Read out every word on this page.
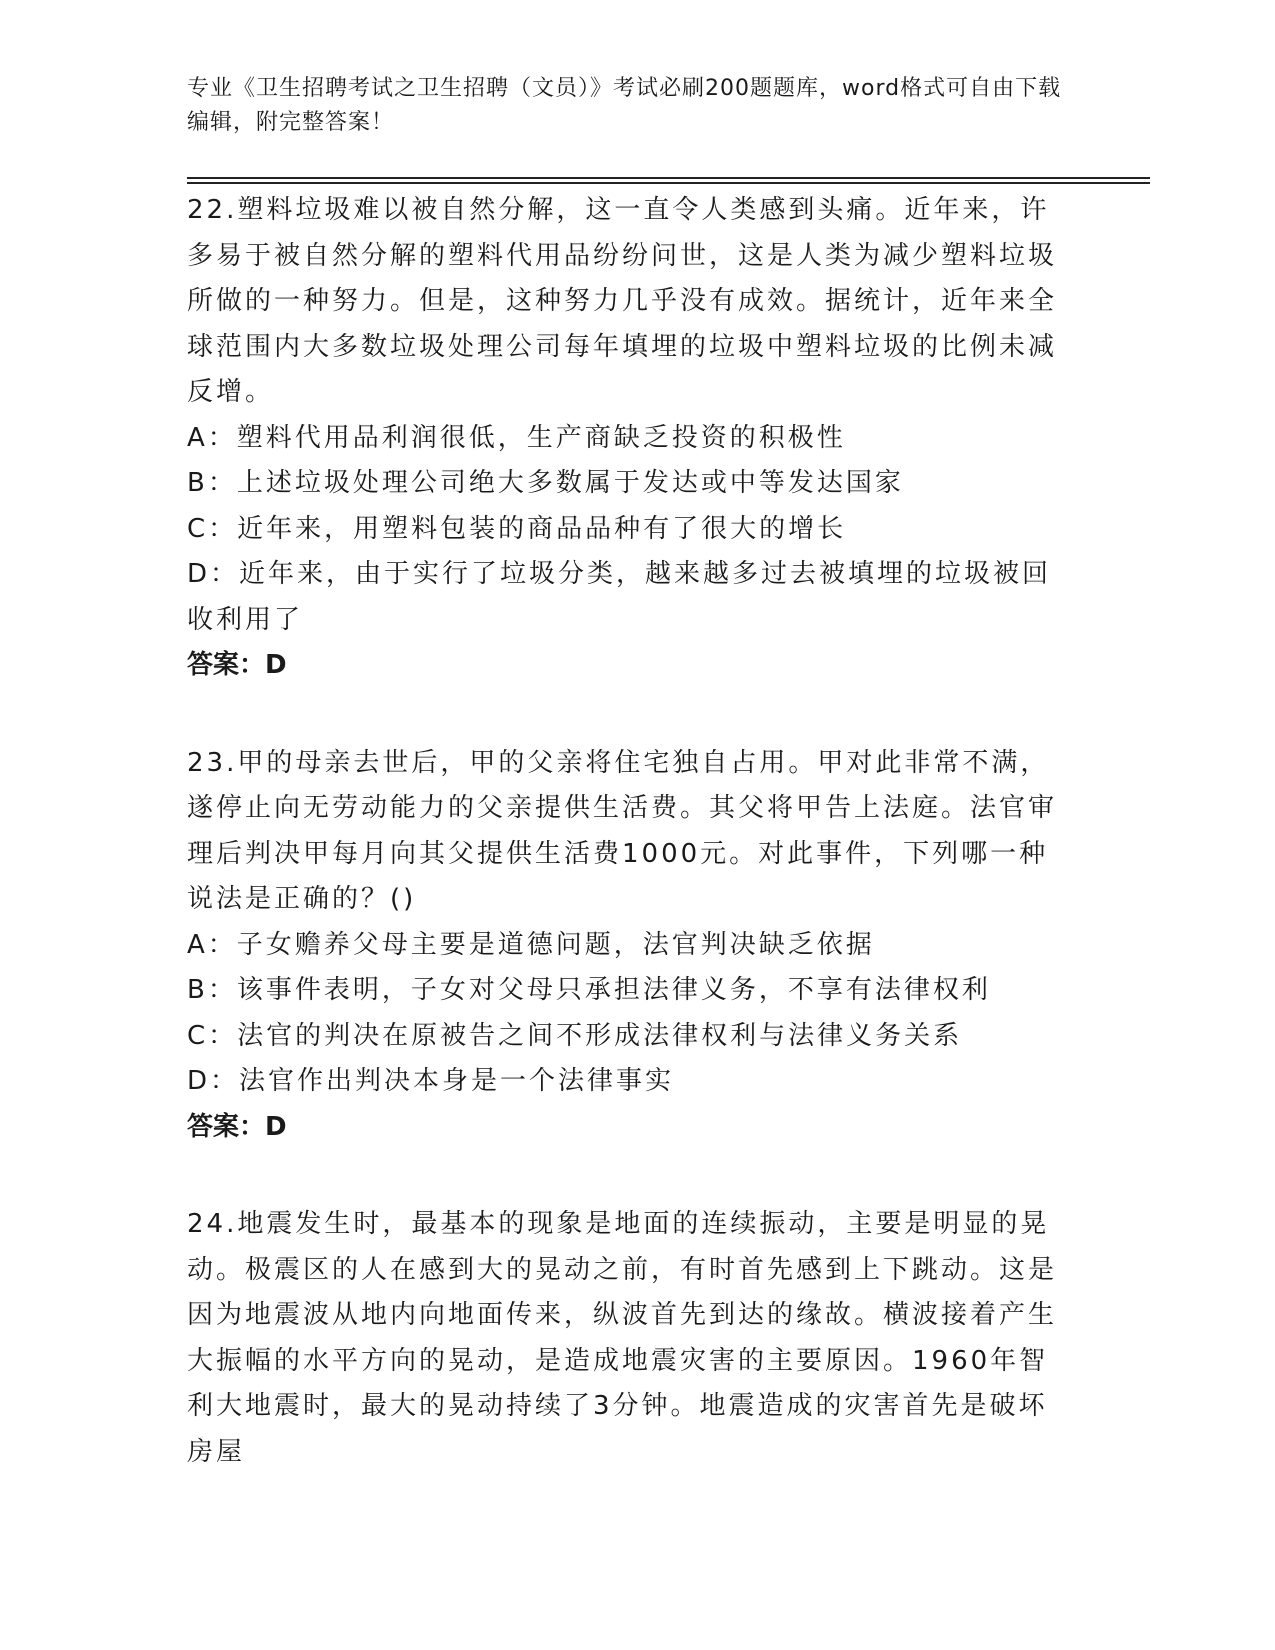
专业《卫生招聘考试之卫生招聘（文员）》考试必刷200题题库，word格式可自由下载编辑，附完整答案！
22.塑料垃圾难以被自然分解，这一直令人类感到头痛。近年来，许多易于被自然分解的塑料代用品纷纷问世，这是人类为减少塑料垃圾所做的一种努力。但是，这种努力几乎没有成效。据统计，近年来全球范围内大多数垃圾处理公司每年填埋的垃圾中塑料垃圾的比例未减反增。
A：塑料代用品利润很低，生产商缺乏投资的积极性
B：上述垃圾处理公司绝大多数属于发达或中等发达国家
C：近年来，用塑料包装的商品品种有了很大的增长
D：近年来，由于实行了垃圾分类，越来越多过去被填埋的垃圾被回收利用了
答案：D
23.甲的母亲去世后，甲的父亲将住宅独自占用。甲对此非常不满，遂停止向无劳动能力的父亲提供生活费。其父将甲告上法庭。法官审理后判决甲每月向其父提供生活费1000元。对此事件，下列哪一种说法是正确的？()
A：子女赡养父母主要是道德问题，法官判决缺乏依据
B：该事件表明，子女对父母只承担法律义务，不享有法律权利
C：法官的判决在原被告之间不形成法律权利与法律义务关系
D：法官作出判决本身是一个法律事实
答案：D
24.地震发生时，最基本的现象是地面的连续振动，主要是明显的晃动。极震区的人在感到大的晃动之前，有时首先感到上下跳动。这是因为地震波从地内向地面传来，纵波首先到达的缘故。横波接着产生大振幅的水平方向的晃动，是造成地震灾害的主要原因。1960年智利大地震时，最大的晃动持续了3分钟。地震造成的灾害首先是破坏房屋
